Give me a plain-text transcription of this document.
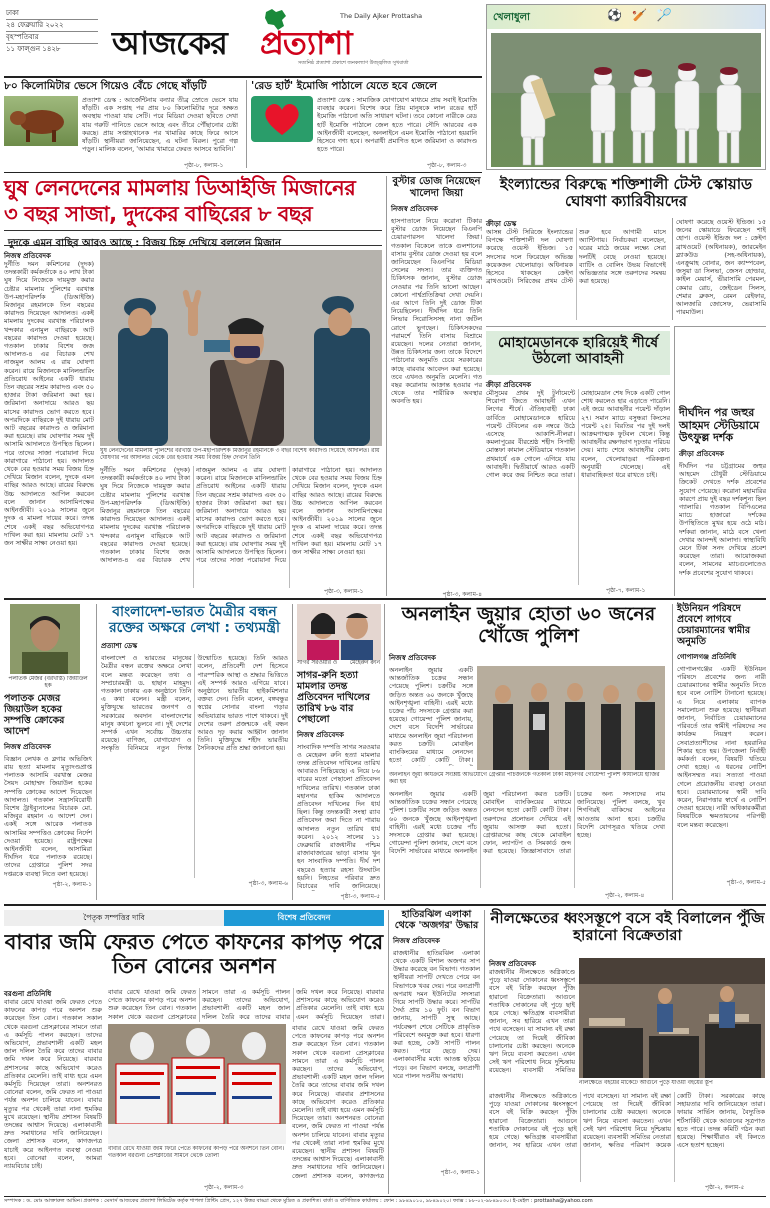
ঢাকা
২৪ ফেব্রুয়ারি ২০২২
বৃহস্পতিবার
১১ ফাল্গুন ১৪২৮	আজকের প্রত্যাশা
The Daily Ajker Prottasha
সত্যনিষ্ঠ প্রত্যাশা প্রকাশে জনকল্যাণ উজ্জ্বলিত সুখবার্তা
খেলাধুলা	⚽🏏🏸
৮০ কিলোমিটার ভেসে গিয়েও বেঁচে গেছে ষাঁড়টি
প্রত্যাশা ডেস্ক : আর্জেন্টিনায় বন্যার তীব্র স্রোতে ভেসে যায় ষাঁড়টি। এক সপ্তাহ পর প্রায় ৮০ কিলোমিটার দূরে অক্ষত অবস্থায় পাওয়া যায় সেটি। পরে মিডিয়া দেওয়া ছবিতে দেখা যায় গরুটি পানিতে ভেসে আছে এবং তীরে পৌঁছানোর চেষ্টা করছে। প্রায় সপ্তাহখানেক পর খামারির কাছে ফিরে আসে ষাঁড়টি। স্থানীয়রা জানিয়েছেন, এ ঘটনা বিরল। পুরো গল্প পড়ুন। মালিক বলেন, 'আমার খামারে ফেরত আসবে ভাবিনি।'
পৃষ্ঠা-৮, কলাম-১
'রেড হার্ট' ইমোজি পাঠালে যেতে হবে জেলে
প্রত্যাশা ডেস্ক : সামাজিক যোগাযোগ মাধ্যমে প্রায় সবাই ইমোজি ব্যবহার করেন। বিশেষ করে প্রিয় মানুষকে লাল রঙের হার্ট ইমোজি পাঠানো অতি সাধারণ ঘটনা। তবে কোনো নারীকে রেড হার্ট ইমোজি পাঠালে জেল হতে পারে। সৌদি আরবের এক আইনজীবী বলেছেন, অনলাইনে এমন ইমোজি পাঠানো হয়রানি হিসেবে গণ্য হবে। অপরাধী প্রমাণিত হলে জরিমানা ও কারাদণ্ড হতে পারে।
পৃষ্ঠা-৮, কলাম-৩
ঘুষ লেনদেনের মামলায় ডিআইজি মিজানের
৩ বছর সাজা, দুদকের বাছিরের ৮ বছর
দুদকে এমন বাছির আরও আছে : বিজয় চিহ্ন দেখিয়ে বললেন মিজান
নিজস্ব প্রতিবেদক
দুর্নীতি দমন কমিশনের (দুদক) তদন্তকারী কর্মকর্তাকে ৪০ লাখ টাকা ঘুষ দিয়ে নিজেকে দায়মুক্ত করার চেষ্টার মামলায় পুলিশের বরখাস্ত উপ-মহাপরিদর্শক (ডিআইজি) মিজানুর রহমানকে তিন বছরের কারাদণ্ড দিয়েছেন আদালত। একই মামলায় দুদকের বরখাস্ত পরিচালক খন্দকার এনামুল বাছিরকে আট বছরের কারাদণ্ড দেওয়া হয়েছে। গতকাল ঢাকার বিশেষ জজ আদালত-৪ এর বিচারক শেখ নাজমুল আলম এ রায় ঘোষণা করেন। রায়ে মিজানকে মানিলন্ডারিং প্রতিরোধ আইনের একটি ধারায় তিন বছরের সশ্রম কারাদণ্ড এবং ৫০ হাজার টাকা জরিমানা করা হয়। জরিমানা অনাদায়ে আরও ছয় মাসের কারাদণ্ড ভোগ করতে হবে। অপরদিকে বাছিরকে দুই ধারায় মোট আট বছরের কারাদণ্ড ও জরিমানা করা হয়েছে। রায় ঘোষণার সময় দুই আসামি আদালতে উপস্থিত ছিলেন। পরে তাদের সাজা পরোয়ানা দিয়ে কারাগারে পাঠানো হয়। আদালত থেকে বের হওয়ার সময় বিজয় চিহ্ন দেখিয়ে মিজান বলেন, দুদকে এমন বাছির আরও আছে। রায়ের বিরুদ্ধে উচ্চ আদালতে আপিল করবেন বলে জানান আসামিপক্ষের আইনজীবী। ২০১৯ সালের জুনে দুদক এ মামলা দায়ের করে। তদন্ত শেষে একই বছর অভিযোগপত্র দাখিল করা হয়। মামলায় মোট ১৭ জন সাক্ষীর সাক্ষ্য নেওয়া হয়।
ঘুষ লেনদেনের মামলায় পুলিশের বরখাস্ত উপ-মহাপরিদর্শক মিজানুর রহমানকে ৩ বছর বিশেষ কারাদণ্ড দিয়েছে আদালত। রায় ঘোষণার পর আদালত থেকে বের হওয়ার সময় বিজয় চিহ্ন দেখান তিনি
দুর্নীতি দমন কমিশনের (দুদক) তদন্তকারী কর্মকর্তাকে ৪০ লাখ টাকা ঘুষ দিয়ে নিজেকে দায়মুক্ত করার চেষ্টার মামলায় পুলিশের বরখাস্ত উপ-মহাপরিদর্শক (ডিআইজি) মিজানুর রহমানকে তিন বছরের কারাদণ্ড দিয়েছেন আদালত। একই মামলায় দুদকের বরখাস্ত পরিচালক খন্দকার এনামুল বাছিরকে আট বছরের কারাদণ্ড দেওয়া হয়েছে। গতকাল ঢাকার বিশেষ জজ আদালত-৪ এর বিচারক শেখ নাজমুল আলম এ রায় ঘোষণা করেন। রায়ে মিজানকে মানিলন্ডারিং প্রতিরোধ আইনের একটি ধারায় তিন বছরের সশ্রম কারাদণ্ড এবং ৫০ হাজার টাকা জরিমানা করা হয়। জরিমানা অনাদায়ে আরও ছয় মাসের কারাদণ্ড ভোগ করতে হবে। অপরদিকে বাছিরকে দুই ধারায় মোট আট বছরের কারাদণ্ড ও জরিমানা করা হয়েছে। রায় ঘোষণার সময় দুই আসামি আদালতে উপস্থিত ছিলেন। পরে তাদের সাজা পরোয়ানা দিয়ে কারাগারে পাঠানো হয়। আদালত থেকে বের হওয়ার সময় বিজয় চিহ্ন দেখিয়ে মিজান বলেন, দুদকে এমন বাছির আরও আছে। রায়ের বিরুদ্ধে উচ্চ আদালতে আপিল করবেন বলে জানান আসামিপক্ষের আইনজীবী। ২০১৯ সালের জুনে দুদক এ মামলা দায়ের করে। তদন্ত শেষে একই বছর অভিযোগপত্র দাখিল করা হয়। মামলায় মোট ১৭ জন সাক্ষীর সাক্ষ্য নেওয়া হয়।
পৃষ্ঠা-৩, কলাম-১
বুস্টার ডোজ নিয়েছেন খালেদা জিয়া
নিজস্ব প্রতিবেদক
হাসপাতালে নিয়ে করোনা টিকার বুস্টার ডোজ নিয়েছেন বিএনপি চেয়ারপারসন খালেদা জিয়া। গতকাল বিকেলে তাকে গুলশানের বাসায় বুস্টার ডোজ দেওয়া হয় বলে জানিয়েছেন বিএনপির মিডিয়া সেলের সদস্য। তার ব্যক্তিগত চিকিৎসক জানান, বুস্টার ডোজ নেওয়ার পর তিনি ভালো আছেন। কোনো পার্শ্বপ্রতিক্রিয়া দেখা দেয়নি। এর আগে তিনি দুই ডোজ টিকা নিয়েছিলেন। দীর্ঘদিন ধরে তিনি লিভার সিরোসিসসহ নানা জটিল রোগে ভুগছেন। চিকিৎসকদের পরামর্শে তিনি বাসায় বিশ্রামে রয়েছেন। দলের নেতারা জানান, উন্নত চিকিৎসার জন্য তাকে বিদেশে পাঠানোর অনুমতি চেয়ে সরকারের কাছে বারবার আবেদন করা হয়েছে। তবে এখনও অনুমতি মেলেনি। গত বছর করোনায় আক্রান্ত হওয়ার পর থেকে তার শারীরিক অবস্থার অবনতি হয়।
পৃষ্ঠা-৩, কলাম-৪
ইংল্যান্ডের বিরুদ্ধে শক্তিশালী টেস্ট স্কোয়াড ঘোষণা ক্যারিবীয়দের
ক্রীড়া ডেস্ক
আসন্ন টেস্ট সিরিজে ইংল্যান্ডের বিপক্ষে শক্তিশালী দল ঘোষণা করেছে ওয়েস্ট ইন্ডিজ। ১৫ সদস্যের দলে ফিরেছেন অভিজ্ঞ কয়েকজন খেলোয়াড়। অধিনায়ক হিসেবে থাকছেন ক্রেইগ ব্রাথওয়েট। সিরিজের প্রথম টেস্ট শুরু হবে আগামী মাসে অ্যান্টিগায়। নির্বাচকরা বলেছেন, ঘরের মাঠে জয়ের লক্ষ্যে সেরা দলটিই বেছে নেওয়া হয়েছে। ব্যাটিং ও বোলিং উভয় বিভাগেই অভিজ্ঞতার সঙ্গে তরুণদের সমন্বয় করা হয়েছে।
ঘোষণা করেছে ওয়েস্ট ইন্ডিজ। ১৫ জনের স্কোয়াডে ফিরেছেন শাই হোপ। ওয়েস্ট ইন্ডিজ দল : ক্রেইগ ব্রাথওয়েট (অধিনায়ক), জারমেইন ব্ল্যাকউড (সহ-অধিনায়ক), এনক্রুমাহ বোনার, জন ক্যাম্পবেল, জসুয়া ডা সিলভা, জেসন হোল্ডার, কাইল মেয়ার্স, ভীরাসামি পেরমল, কেমার রোচ, জেইডেন সিলস, শেমার ব্রুকস, রেমন রেইফার, আলজারি জোসেফ, ভেরাসামি পারমাউল।
মোহামেডানকে হারিয়েই শীর্ষে উঠলো আবাহনী
ক্রীড়া প্রতিবেদক
মৌসুমের প্রথম দুই টুর্নামেন্টে শিরোপা জিতে আবাহনী এখন লিগের শীর্ষে। ঐতিহ্যবাহী ঢাকা ডার্বিতে মোহামেডানকে হারিয়ে পয়েন্ট টেবিলের এক নম্বরে উঠে এসেছে আকাশি-নীলরা। কমলাপুরের বীরশ্রেষ্ঠ শহীদ সিপাহী মোস্তফা কামাল স্টেডিয়ামে গতকাল প্রথমার্ধে এক গোলে এগিয়ে যায় আবাহনী। দ্বিতীয়ার্ধে আরও একটি গোল করে জয় নিশ্চিত করে তারা। মোহামেডান শেষ দিকে একটি গোল শোধ করলেও হার এড়াতে পারেনি। এই জয়ে আবাহনীর পয়েন্ট দাঁড়াল ২৭। সমান ম্যাচে বসুন্ধরা কিংসের পয়েন্ট ২৫। বিরতির পর দুই দলই আক্রমণাত্মক ফুটবল খেলে। কিন্তু আবাহনীর রক্ষণভাগ দৃঢ়তার পরিচয় দেয়। ম্যাচ শেষে আবাহনীর কোচ বলেন, খেলোয়াড়রা পরিকল্পনা অনুযায়ী খেলেছে। এই ধারাবাহিকতা ধরে রাখতে চাই।
পৃষ্ঠা-৭, কলাম-১
দীর্ঘদিন পর জহুর আহমদ স্টেডিয়ামে উৎফুল্ল দর্শক
ক্রীড়া প্রতিবেদক
দীর্ঘদিন পর চট্টগ্রামের জহুর আহমেদ চৌধুরী স্টেডিয়ামে ক্রিকেট দেখতে দর্শক প্রবেশের সুযোগ পেয়েছে। করোনা মহামারির কারণে প্রায় দুই বছর দর্শকশূন্য ছিল গ্যালারি। গতকাল বিপিএলের ম্যাচে হাজারো দর্শকের উপস্থিতিতে মুখর হয়ে ওঠে মাঠ। দর্শকরা জানান, মাঠে বসে খেলা দেখার আনন্দই আলাদা। স্বাস্থ্যবিধি মেনে টিকা সনদ দেখিয়ে প্রবেশ করেছেন তারা। আয়োজকরা বলেন, সামনের ম্যাচগুলোতেও দর্শক প্রবেশের সুযোগ থাকবে।
পলাতক মেজর (বরখাস্ত) জিয়াউল হক
পলাতক মেজর জিয়াউল হকের সম্পত্তি ক্রোকের আদেশ
নিজস্ব প্রতিবেদক
বিজ্ঞান লেখক ও ব্লগার অভিজিৎ রায় হত্যা মামলায় মৃত্যুদণ্ডপ্রাপ্ত পলাতক আসামি বরখাস্ত মেজর সৈয়দ মোহাম্মদ জিয়াউল হকের সম্পত্তি ক্রোকের আদেশ দিয়েছেন আদালত। গতকাল সন্ত্রাসবিরোধী বিশেষ ট্রাইব্যুনালের বিচারক মো. মজিবুর রহমান এ আদেশ দেন। একই সঙ্গে আরেক পলাতক আসামির সম্পত্তিও ক্রোকের নির্দেশ দেওয়া হয়েছে। রাষ্ট্রপক্ষের আইনজীবী বলেন, আসামিরা দীর্ঘদিন ধরে পলাতক রয়েছে। তাদের গ্রেপ্তারে পুলিশ সদর দপ্তরকে ব্যবস্থা নিতে বলা হয়েছে।
পৃষ্ঠা-২, কলাম-১
বাংলাদেশ-ভারত মৈত্রীর বন্ধন রক্তের অক্ষরে লেখা : তথ্যমন্ত্রী
প্রত্যাশা ডেস্ক
বাংলাদেশ ও ভারতের মানুষের মৈত্রীর বন্ধন রক্তের অক্ষরে লেখা বলে মন্তব্য করেছেন তথ্য ও সম্প্রচারমন্ত্রী ড. হাছান মাহমুদ। গতকাল ঢাকায় এক অনুষ্ঠানে তিনি এ কথা বলেন। মন্ত্রী বলেন, মুক্তিযুদ্ধে ভারতের জনগণ ও সরকারের অবদান বাংলাদেশের মানুষ কখনো ভুলবে না। দুই দেশের সম্পর্ক এখন সর্বোচ্চ উচ্চতায় রয়েছে। বাণিজ্য, যোগাযোগ ও সংস্কৃতি বিনিময়ে নতুন দিগন্ত উন্মোচিত হয়েছে। তিনি আরও বলেন, প্রতিবেশী দেশ হিসেবে পারস্পরিক আস্থা ও শ্রদ্ধার ভিত্তিতে এই সম্পর্ক আরও এগিয়ে যাবে। অনুষ্ঠানে ভারতীয় হাইকমিশনার বক্তব্য দেন। তিনি বলেন, বঙ্গবন্ধুর স্বপ্নের সোনার বাংলা গড়ার অভিযাত্রায় ভারত পাশে থাকবে। দুই দেশের তরুণ প্রজন্মকে এই বন্ধন আরও দৃঢ় করার আহ্বান জানান তিনি। মুক্তিযুদ্ধে শহীদ ভারতীয় সৈনিকদের প্রতি শ্রদ্ধা জানানো হয়।
পৃষ্ঠা-৩, কলাম-৬
সাগর সরওয়ার ও মেহেরুন রুনি
সাগর-রুনি হত্যা মামলার তদন্ত প্রতিবেদন দাখিলের তারিখ ৮৬ বার পেছালো
নিজস্ব প্রতিবেদক
সাংবাদিক দম্পতি সাগর সরওয়ার ও মেহেরুন রুনি হত্যা মামলার তদন্ত প্রতিবেদন দাখিলের তারিখ আবারও পিছিয়েছে। এ নিয়ে ৮৬ বারের মতো পেছালো প্রতিবেদন দাখিলের তারিখ। গতকাল ঢাকা মহানগর হাকিম আদালতে প্রতিবেদন দাখিলের দিন ধার্য ছিল। কিন্তু তদন্তকারী সংস্থা র‍্যাব প্রতিবেদন জমা দিতে না পারায় আদালত নতুন তারিখ ধার্য করেন। ২০১২ সালের ১১ ফেব্রুয়ারি রাজধানীর পশ্চিম রাজাবাজারের ভাড়া বাসায় খুন হন সাংবাদিক দম্পতি। দীর্ঘ দশ বছরেও হত্যার রহস্য উদঘাটন হয়নি। নিহতের পরিবার দ্রুত বিচারের দাবি জানিয়েছে।
পৃষ্ঠা-৩, কলাম-৫
অনলাইন জুয়ার হোতা ৬০ জনের খোঁজে পুলিশ
নিজস্ব প্রতিবেদক
অনলাইন জুয়ার একটি আন্তর্জাতিক চক্রের সন্ধান পেয়েছে পুলিশ। চক্রটির সঙ্গে জড়িত অন্তত ৬০ জনকে খুঁজছে আইনশৃঙ্খলা বাহিনী। এরই মধ্যে চক্রের পাঁচ সদস্যকে গ্রেপ্তার করা হয়েছে। গোয়েন্দা পুলিশ জানায়, দেশে বসে বিদেশি সার্ভারের মাধ্যমে অনলাইন জুয়া পরিচালনা করত চক্রটি। মোবাইল ব্যাংকিংয়ের মাধ্যমে লেনদেন হতো কোটি কোটি টাকা।
অনলাইন জুয়া কার্যক্রমে সংশ্লিষ্ট অভিযোগে গ্রেপ্তার পাঁচজনকে গতকাল ঢাকা মহানগর গোয়েন্দা পুলিশ কার্যালয়ে হাজির করা হয়
অনলাইন জুয়ার একটি আন্তর্জাতিক চক্রের সন্ধান পেয়েছে পুলিশ। চক্রটির সঙ্গে জড়িত অন্তত ৬০ জনকে খুঁজছে আইনশৃঙ্খলা বাহিনী। এরই মধ্যে চক্রের পাঁচ সদস্যকে গ্রেপ্তার করা হয়েছে। গোয়েন্দা পুলিশ জানায়, দেশে বসে বিদেশি সার্ভারের মাধ্যমে অনলাইন জুয়া পরিচালনা করত চক্রটি। মোবাইল ব্যাংকিংয়ের মাধ্যমে লেনদেন হতো কোটি কোটি টাকা। তরুণদের প্রলোভন দেখিয়ে এই জুয়ায় আসক্ত করা হতো। গ্রেপ্তারদের কাছ থেকে মোবাইল ফোন, ল্যাপটপ ও সিমকার্ড জব্দ করা হয়েছে। জিজ্ঞাসাবাদে তারা চক্রের অন্য সদস্যদের নাম জানিয়েছে। পুলিশ বলছে, খুব শিগগিরই বাকিদের আইনের আওতায় আনা হবে। চক্রটির বিদেশি যোগসূত্রও খতিয়ে দেখা হচ্ছে।
পৃষ্ঠা-২, কলাম-৪
ইউনিয়ন পরিষদে প্রবেশে লাগবে চেয়ারম্যানের স্বামীর অনুমতি
গোপালগঞ্জ প্রতিনিধি
গোপালগঞ্জের একটি ইউনিয়ন পরিষদে প্রবেশের জন্য নারী চেয়ারম্যানের স্বামীর অনুমতি নিতে হবে বলে নোটিশ টানানো হয়েছে। এ নিয়ে এলাকায় ব্যাপক সমালোচনা শুরু হয়েছে। স্থানীয়রা জানান, নির্বাচিত চেয়ারম্যানের পরিবর্তে তার স্বামীই পরিষদের সব কার্যক্রম নিয়ন্ত্রণ করেন। সেবাপ্রত্যাশীদের নানা হয়রানির শিকার হতে হয়। উপজেলা নির্বাহী কর্মকর্তা বলেন, বিষয়টি খতিয়ে দেখা হচ্ছে। এ ধরনের নোটিশ আইনসম্মত নয়। সত্যতা পাওয়া গেলে প্রয়োজনীয় ব্যবস্থা নেওয়া হবে। চেয়ারম্যানের স্বামী দাবি করেন, নিরাপত্তার স্বার্থে এ নোটিশ দেওয়া হয়েছে। নারী অধিকারকর্মীরা বিষয়টিকে ক্ষমতায়নের পরিপন্থী বলে মন্তব্য করেছেন।
পৃষ্ঠা-৩, কলাম-৫
পৈতৃক সম্পত্তির দাবি	বিশেষ প্রতিবেদন
বাবার জমি ফেরত পেতে কাফনের কাপড় পরে তিন বোনের অনশন
বরগুনা প্রতিনিধি
বাবার রেখে যাওয়া জমি ফেরত পেতে কাফনের কাপড় পরে অনশন শুরু করেছেন তিন বোন। গতকাল সকাল থেকে বরগুনা প্রেসক্লাবের সামনে তারা এ কর্মসূচি পালন করছেন। তাদের অভিযোগ, প্রভাবশালী একটি মহল জাল দলিল তৈরি করে তাদের বাবার জমি দখল করে নিয়েছে। বারবার প্রশাসনের কাছে অভিযোগ করেও প্রতিকার মেলেনি। তাই বাধ্য হয়ে এমন কর্মসূচি দিয়েছেন তারা। অনশনরত বোনেরা বলেন, জমি ফেরত না পাওয়া পর্যন্ত অনশন চালিয়ে যাবেন। বাবার মৃত্যুর পর থেকেই তারা নানা হুমকির মুখে রয়েছেন। স্থানীয় প্রশাসন বিষয়টি তদন্তের আশ্বাস দিয়েছে। এলাকাবাসী দ্রুত সমাধানের দাবি জানিয়েছেন। জেলা প্রশাসক বলেন, কাগজপত্র যাচাই করে আইনগত ব্যবস্থা নেওয়া হবে। বোনেরা বলেন, আমরা ন্যায়বিচার চাই।
বাবার রেখে যাওয়া জমি ফেরত পেতে কাফনের কাপড় পরে অনশন শুরু করেছেন তিন বোন। গতকাল সকাল থেকে বরগুনা প্রেসক্লাবের সামনে তারা এ কর্মসূচি পালন করছেন। তাদের অভিযোগ, প্রভাবশালী একটি মহল জাল দলিল তৈরি করে তাদের বাবার জমি দখল করে নিয়েছে। বারবার প্রশাসনের কাছে অভিযোগ করেও প্রতিকার মেলেনি। তাই বাধ্য হয়ে এমন কর্মসূচি দিয়েছেন তারা।
বাবার রেখে যাওয়া জমি ফিরে পেতে কাফনের কাপড় পরে অনশনে তিন বোন। গতকাল বরগুনা প্রেসক্লাবের সামনে থেকে তোলা
বাবার রেখে যাওয়া জমি ফেরত পেতে কাফনের কাপড় পরে অনশন শুরু করেছেন তিন বোন। গতকাল সকাল থেকে বরগুনা প্রেসক্লাবের সামনে তারা এ কর্মসূচি পালন করছেন। তাদের অভিযোগ, প্রভাবশালী একটি মহল জাল দলিল তৈরি করে তাদের বাবার জমি দখল করে নিয়েছে। বারবার প্রশাসনের কাছে অভিযোগ করেও প্রতিকার মেলেনি। তাই বাধ্য হয়ে এমন কর্মসূচি দিয়েছেন তারা। অনশনরত বোনেরা বলেন, জমি ফেরত না পাওয়া পর্যন্ত অনশন চালিয়ে যাবেন। বাবার মৃত্যুর পর থেকেই তারা নানা হুমকির মুখে রয়েছেন। স্থানীয় প্রশাসন বিষয়টি তদন্তের আশ্বাস দিয়েছে। এলাকাবাসী দ্রুত সমাধানের দাবি জানিয়েছেন। জেলা প্রশাসক বলেন, কাগজপত্র
পৃষ্ঠা-২, কলাম-৩
হাতিরঝিল এলাকা থেকে 'অজগর' উদ্ধার
নিজস্ব প্রতিবেদক
রাজধানীর হাতিরঝিল এলাকা থেকে একটি বিশাল অজগর সাপ উদ্ধার করেছে বন বিভাগ। গতকাল স্থানীয়রা সাপটি দেখতে পেয়ে বন বিভাগকে খবর দেয়। পরে বন্যপ্রাণী অপরাধ দমন ইউনিটের সদস্যরা গিয়ে সাপটি উদ্ধার করে। সাপটির দৈর্ঘ্য প্রায় ১০ ফুট। বন বিভাগ জানায়, সাপটি সুস্থ আছে। পর্যবেক্ষণ শেষে সেটিকে প্রাকৃতিক পরিবেশে অবমুক্ত করা হবে। ধারণা করা হচ্ছে, কেউ সাপটি পালন করত। পরে ছেড়ে দেয়। এলাকাবাসীর মধ্যে আতঙ্ক ছড়িয়ে পড়ে। বন বিভাগ বলছে, বন্যপ্রাণী ঘরে পালন দণ্ডনীয় অপরাধ।
পৃষ্ঠা-৩, কলাম-১
নীলক্ষেতের ধ্বংসস্তূপে বসে বই বিলালেন পুঁজি হারানো বিক্রেতারা
নিজস্ব প্রতিবেদক
রাজধানীর নীলক্ষেতে অগ্নিকাণ্ডে পুড়ে যাওয়া দোকানের ধ্বংসস্তূপে বসে বই বিক্রি করছেন পুঁজি হারানো বিক্রেতারা। আগুনে শতাধিক দোকানের বই পুড়ে ছাই হয়ে গেছে। ক্ষতিগ্রস্ত ব্যবসায়ীরা জানান, সব হারিয়ে এখন তারা পথে বসেছেন। যা সামান্য বই রক্ষা পেয়েছে তা দিয়েই জীবিকা চালানোর চেষ্টা করছেন। অনেকে ঋণ নিয়ে ব্যবসা করতেন। এখন সেই ঋণ পরিশোধ নিয়ে দুশ্চিন্তায় রয়েছেন। ব্যবসায়ী সমিতির
নীলক্ষেতে বইয়ের মার্কেটে আগুনে পুড়ে যাওয়া বইয়ের স্তূপ
রাজধানীর নীলক্ষেতে অগ্নিকাণ্ডে পুড়ে যাওয়া দোকানের ধ্বংসস্তূপে বসে বই বিক্রি করছেন পুঁজি হারানো বিক্রেতারা। আগুনে শতাধিক দোকানের বই পুড়ে ছাই হয়ে গেছে। ক্ষতিগ্রস্ত ব্যবসায়ীরা জানান, সব হারিয়ে এখন তারা পথে বসেছেন। যা সামান্য বই রক্ষা পেয়েছে তা দিয়েই জীবিকা চালানোর চেষ্টা করছেন। অনেকে ঋণ নিয়ে ব্যবসা করতেন। এখন সেই ঋণ পরিশোধ নিয়ে দুশ্চিন্তায় রয়েছেন। ব্যবসায়ী সমিতির নেতারা জানান, ক্ষতির পরিমাণ কয়েক কোটি টাকা। সরকারের কাছে সহায়তার দাবি জানিয়েছেন তারা। ফায়ার সার্ভিস জানায়, বৈদ্যুতিক শর্টসার্কিট থেকে আগুনের সূত্রপাত হতে পারে। তদন্ত কমিটি গঠন করা হয়েছে। শিক্ষার্থীরাও বই কিনতে এসে হতাশ হচ্ছেন।
পৃষ্ঠা-২, কলাম-৫
সম্পাদক : ড. মোঃ আক্তারুল আমিন। প্রকাশক : মেসার্স আজকের প্রত্যাশা লিমিটেড কর্তৃক শাপলা প্রিন্টিং প্রেস, ১২৭ উত্তর বাড্ডা থেকে মুদ্রিত ও প্রকাশিত। বার্তা ও বাণিজ্যিক কার্যালয় : ফোন : ৯৮৪৯০১০, ৯৮৪৯০২০। ফ্যাক্স : ৮৮-০২-৯৮৪৯০৩০। ই-মেইল : prottasha@yahoo.com
